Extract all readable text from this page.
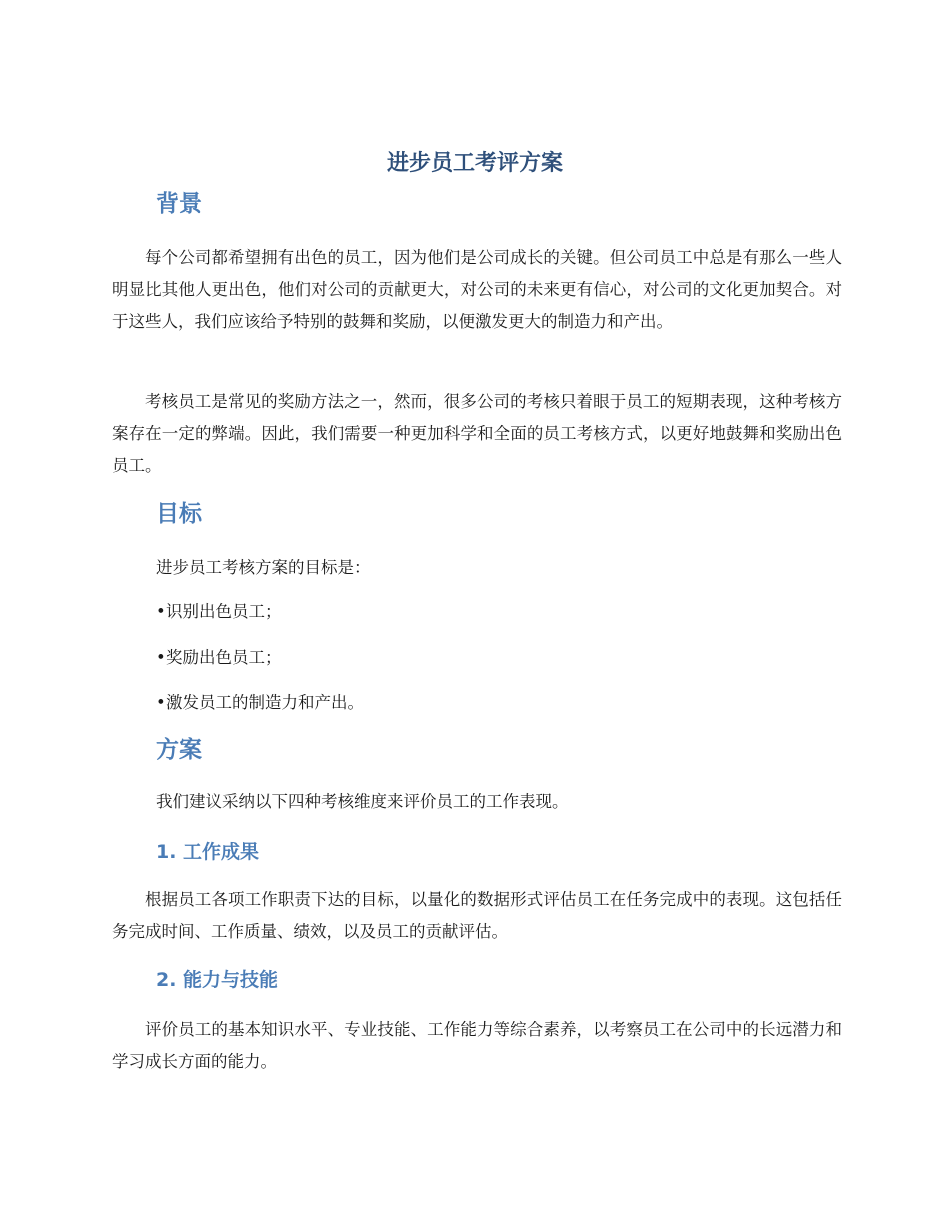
进步员工考评方案
背景

每个公司都希望拥有出色的员工，因为他们是公司成长的关键。但公司员工中总是有那么一些人明显比其他人更出色，他们对公司的贡献更大，对公司的未来更有信心，对公司的文化更加契合。对于这些人，我们应该给予特别的鼓舞和奖励，以便激发更大的制造力和产出。

考核员工是常见的奖励方法之一，然而，很多公司的考核只着眼于员工的短期表现，这种考核方案存在一定的弊端。因此，我们需要一种更加科学和全面的员工考核方式，以更好地鼓舞和奖励出色员工。

目标

进步员工考核方案的目标是：

•识别出色员工；

•奖励出色员工；

•激发员工的制造力和产出。

方案

我们建议采纳以下四种考核维度来评价员工的工作表现。

1. 工作成果

根据员工各项工作职责下达的目标，以量化的数据形式评估员工在任务完成中的表现。这包括任务完成时间、工作质量、绩效，以及员工的贡献评估。

2. 能力与技能

评价员工的基本知识水平、专业技能、工作能力等综合素养，以考察员工在公司中的长远潜力和学习成长方面的能力。
